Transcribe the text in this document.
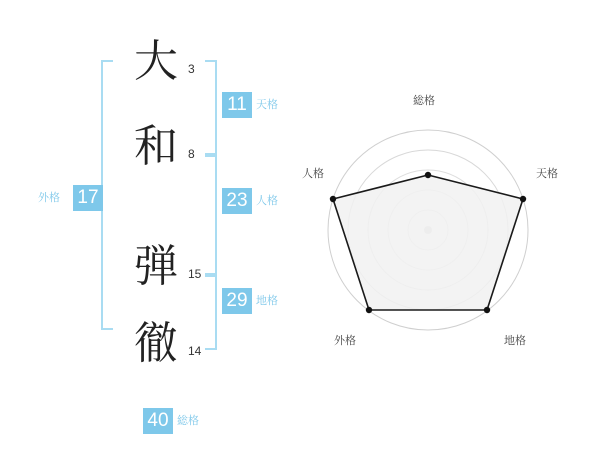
外格 17
大 3
和 8
弾 15
徹 14
11 天格
23 人格
29 地格
40 総格
総格
天格
地格
外格
人格
